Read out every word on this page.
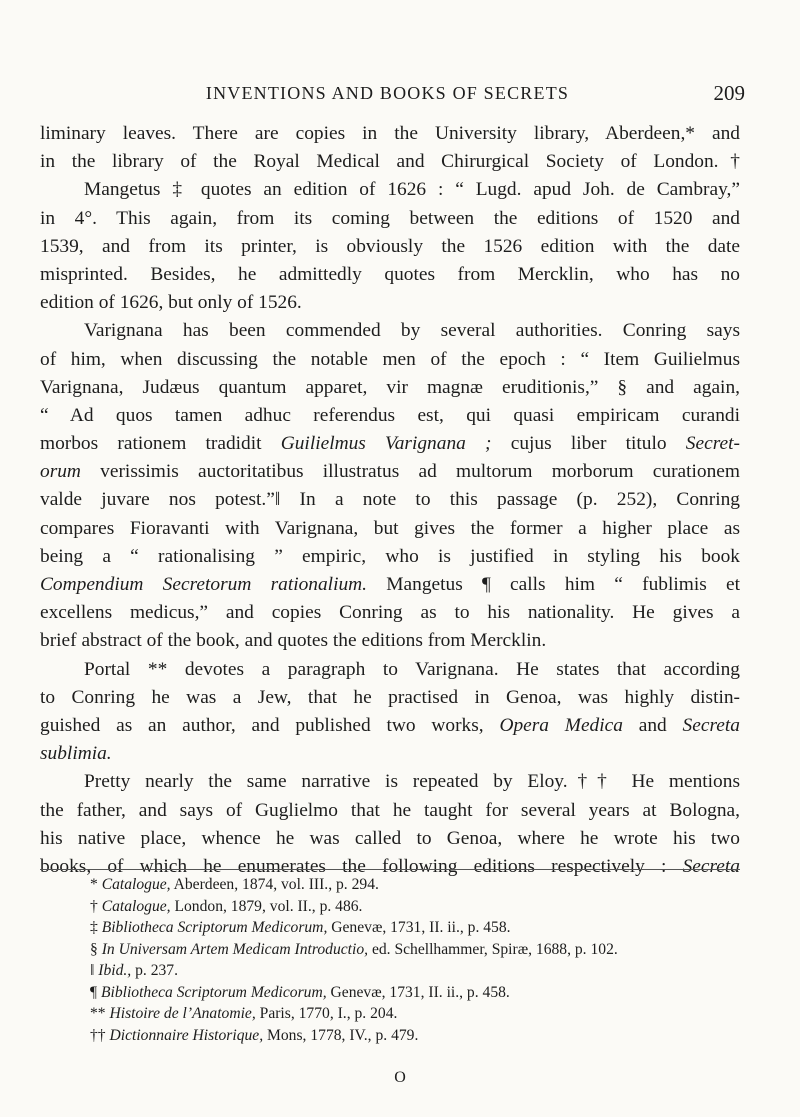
INVENTIONS AND BOOKS OF SECRETS	209
liminary leaves. There are copies in the University library, Aberdeen,* and
in the library of the Royal Medical and Chirurgical Society of London.†
Mangetus ‡ quotes an edition of 1626 : “ Lugd. apud Joh. de Cambray,”
in 4°. This again, from its coming between the editions of 1520 and
1539, and from its printer, is obviously the 1526 edition with the date
misprinted. Besides, he admittedly quotes from Mercklin, who has no
edition of 1626, but only of 1526.
Varignana has been commended by several authorities. Conring says
of him, when discussing the notable men of the epoch : “ Item Guilielmus
Varignana, Judæus quantum apparet, vir magnæ eruditionis,” § and again,
“ Ad quos tamen adhuc referendus est, qui quasi empiricam curandi
morbos rationem tradidit Guilielmus Varignana ; cujus liber titulo Secret-
orum verissimis auctoritatibus illustratus ad multorum morborum curationem
valde juvare nos potest.”‖ In a note to this passage (p. 252), Conring
compares Fioravanti with Varignana, but gives the former a higher place as
being a “ rationalising ” empiric, who is justified in styling his book
Compendium Secretorum rationalium. Mangetus ¶ calls him “ fublimis et
excellens medicus,” and copies Conring as to his nationality. He gives a
brief abstract of the book, and quotes the editions from Mercklin.
Portal ** devotes a paragraph to Varignana. He states that according
to Conring he was a Jew, that he practised in Genoa, was highly distin-
guished as an author, and published two works, Opera Medica and Secreta
sublimia.
Pretty nearly the same narrative is repeated by Eloy.†† He mentions
the father, and says of Guglielmo that he taught for several years at Bologna,
his native place, whence he was called to Genoa, where he wrote his two
books, of which he enumerates the following editions respectively : Secreta
* Catalogue, Aberdeen, 1874, vol. III., p. 294.
† Catalogue, London, 1879, vol. II., p. 486.
‡ Bibliotheca Scriptorum Medicorum, Genevæ, 1731, II. ii., p. 458.
§ In Universam Artem Medicam Introductio, ed. Schellhammer, Spiræ, 1688, p. 102.
‖ Ibid., p. 237.
¶ Bibliotheca Scriptorum Medicorum, Genevæ, 1731, II. ii., p. 458.
** Histoire de l’Anatomie, Paris, 1770, I., p. 204.
†† Dictionnaire Historique, Mons, 1778, IV., p. 479.
O
